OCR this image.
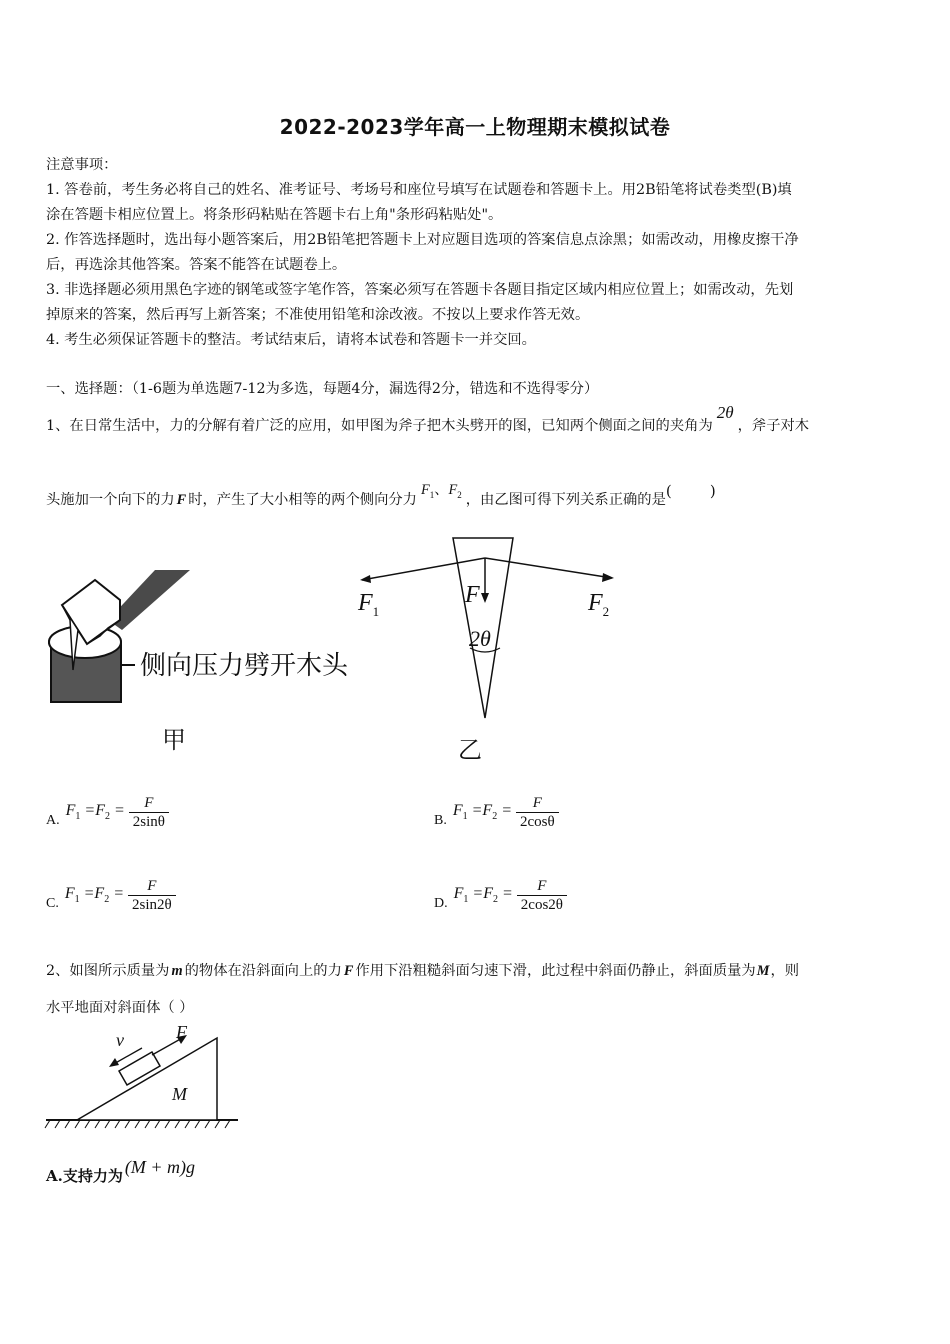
2022-2023学年高一上物理期末模拟试卷
注意事项：
1. 答卷前，考生务必将自己的姓名、准考证号、考场号和座位号填写在试题卷和答题卡上。用2B铅笔将试卷类型(B)填
涂在答题卡相应位置上。将条形码粘贴在答题卡右上角"条形码粘贴处"。
2. 作答选择题时，选出每小题答案后，用2B铅笔把答题卡上对应题目选项的答案信息点涂黑；如需改动，用橡皮擦干净
后，再选涂其他答案。答案不能答在试题卷上。
3. 非选择题必须用黑色字迹的钢笔或签字笔作答，答案必须写在答题卡各题目指定区域内相应位置上；如需改动，先划
掉原来的答案，然后再写上新答案；不准使用铅笔和涂改液。不按以上要求作答无效。
4. 考生必须保证答题卡的整洁。考试结束后，请将本试卷和答题卡一并交回。
一、选择题：（1-6题为单选题7-12为多选，每题4分，漏选得2分，错选和不选得零分）
1、在日常生活中，力的分解有着广泛的应用，如甲图为斧子把木头劈开的图，已知两个侧面之间的夹角为2θ，斧子对木
头施加一个向下的力 F 时，产生了大小相等的两个侧向分力$F_1$、$F_2$ ，由乙图可得下列关系正确的是(        )
侧向压力劈开木头
甲
$F_1$
F	$F_2$
2θ
乙
A.
$F_1 =F_2 = \frac{F}{2\sin\theta}$	B.
$F_1 =F_2 = \frac{F}{2\cos\theta}$
C.
$F_1 =F_2 = \frac{F}{2\sin 2\theta}$	D.
$F_1 =F_2 = \frac{F}{2\cos 2\theta}$
2、如图所示质量为 m 的物体在沿斜面向上的力 F 作用下沿粗糙斜面匀速下滑，此过程中斜面仍静止，斜面质量为M，则
水平地面对斜面体（ ）
v	F
M
A.支持力为 (M + m)g
